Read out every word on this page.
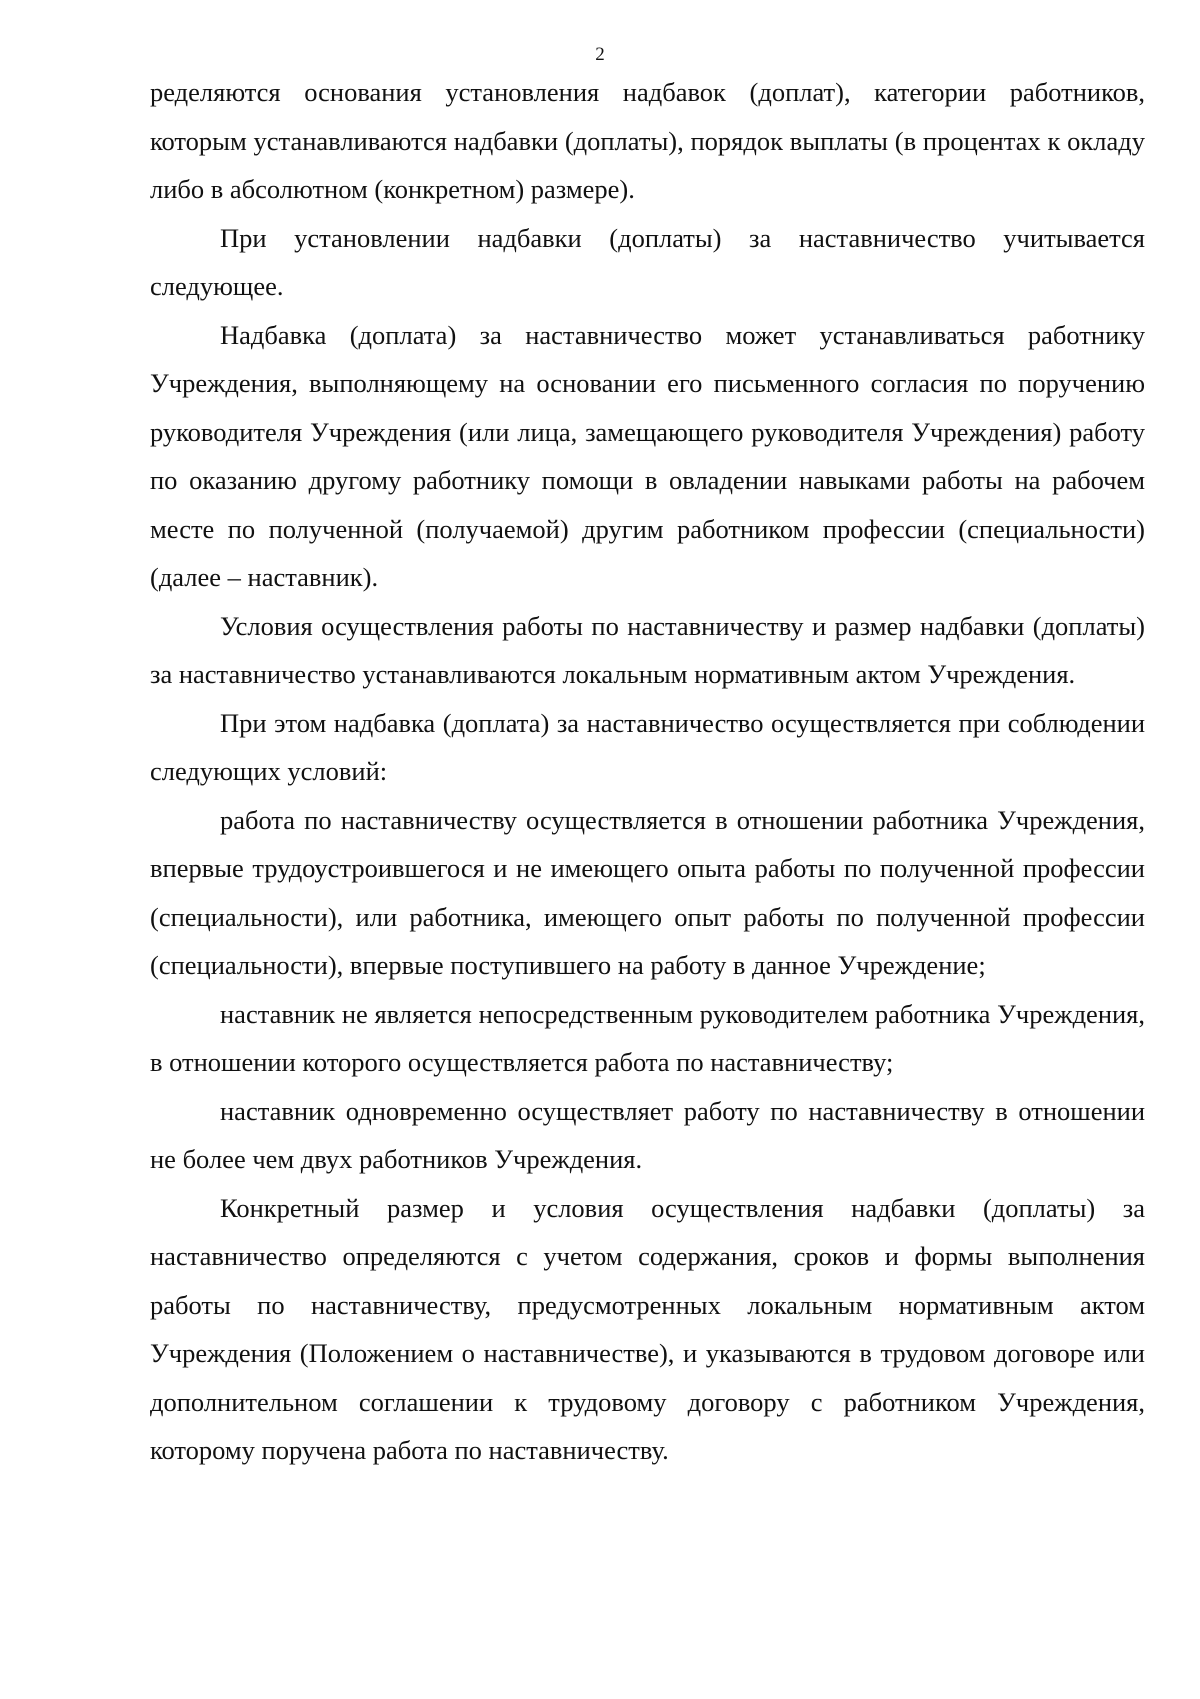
2

ределяются основания установления надбавок (доплат), категории работников, которым устанавливаются надбавки (доплаты), порядок выплаты (в процентах к окладу либо в абсолютном (конкретном) размере).

При установлении надбавки (доплаты) за наставничество учитывается следующее.

Надбавка (доплата) за наставничество может устанавливаться работнику Учреждения, выполняющему на основании его письменного согласия по поручению руководителя Учреждения (или лица, замещающего руководителя Учреждения) работу по оказанию другому работнику помощи в овладении навыками работы на рабочем месте по полученной (получаемой) другим работником профессии (специальности) (далее – наставник).

Условия осуществления работы по наставничеству и размер надбавки (доплаты) за наставничество устанавливаются локальным нормативным актом Учреждения.

При этом надбавка (доплата) за наставничество осуществляется при соблюдении следующих условий:

работа по наставничеству осуществляется в отношении работника Учреждения, впервые трудоустроившегося и не имеющего опыта работы по полученной профессии (специальности), или работника, имеющего опыт работы по полученной профессии (специальности), впервые поступившего на работу в данное Учреждение;

наставник не является непосредственным руководителем работника Учреждения, в отношении которого осуществляется работа по наставничеству;

наставник одновременно осуществляет работу по наставничеству в отношении не более чем двух работников Учреждения.

Конкретный размер и условия осуществления надбавки (доплаты) за наставничество определяются с учетом содержания, сроков и формы выполнения работы по наставничеству, предусмотренных локальным нормативным актом Учреждения (Положением о наставничестве), и указываются в трудовом договоре или дополнительном соглашении к трудовому договору с работником Учреждения, которому поручена работа по наставничеству.
